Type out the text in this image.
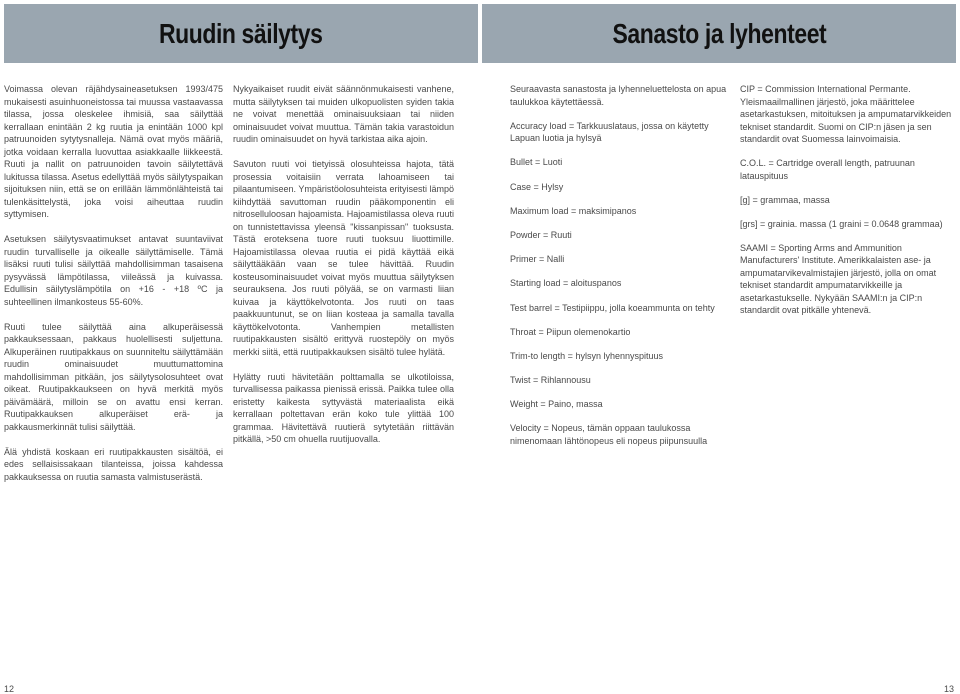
Ruudin säilytys

Voimassa olevan räjähdysaineasetuksen 1993/475 mukaisesti asuinhuoneistossa tai muussa vastaavassa tilassa, jossa oleskelee ihmisiä, saa säilyttää kerrallaan enintään 2 kg ruutia ja enintään 1000 kpl patruunoiden sytytysnalleja. Nämä ovat myös määriä, jotka voidaan kerralla luovuttaa asiakkaalle liikkeestä. Ruuti ja nallit on patruunoiden tavoin säilytettävä lukitussa tilassa. Asetus edellyttää myös säilytyspaikan sijoituksen niin, että se on erillään lämmönlähteistä tai tulenkäsittelystä, joka voisi aiheuttaa ruudin syttymisen.

Asetuksen säilytysvaatimukset antavat suuntaviivat ruudin turvalliselle ja oikealle säilyttämiselle. Tämä lisäksi ruuti tulisi säilyttää mahdollisimman tasaisena pysyvässä lämpötilassa, viileässä ja kuivassa. Edullisin säilytyslämpötila on +16 - +18 ºC ja suhteellinen ilmankosteus 55-60%.

Ruuti tulee säilyttää aina alkuperäisessä pakkauksessaan, pakkaus huolellisesti suljettuna. Alkuperäinen ruutipakkaus on suunniteltu säilyttämään ruudin ominaisuudet muuttumattomina mahdollisimman pitkään, jos säilytysolosuhteet ovat oikeat. Ruutipakkaukseen on hyvä merkitä myös päivämäärä, milloin se on avattu ensi kerran. Ruutipakkauksen alkuperäiset erä- ja pakkausmerkinnät tulisi säilyttää.

Älä yhdistä koskaan eri ruutipakkausten sisältöä, ei edes sellaisissakaan tilanteissa, joissa kahdessa pakkauksessa on ruutia samasta valmistuserästä.

Nykyaikaiset ruudit eivät säännönmukaisesti vanhene, mutta säilytyksen tai muiden ulkopuolisten syiden takia ne voivat menettää ominaisuuksiaan tai niiden ominaisuudet voivat muuttua. Tämän takia varastoidun ruudin ominaisuudet on hyvä tarkistaa aika ajoin.

Savuton ruuti voi tietyissä olosuhteissa hajota, tätä prosessia voitaisiin verrata lahoamiseen tai pilaantumiseen. Ympäristöolosuhteista erityisesti lämpö kiihdyttää savuttoman ruudin pääkomponentin eli nitroselluloosan hajoamista. Hajoamistilassa oleva ruuti on tunnistettavissa yleensä "kissanpissan" tuoksusta. Tästä eroteksena tuore ruuti tuoksuu liuottimille. Hajoamistilassa olevaa ruutia ei pidä käyttää eikä säilyttääkään vaan se tulee hävittää. Ruudin kosteusominaisuudet voivat myös muuttua säilytyksen seurauksena. Jos ruuti pölyää, se on varmasti liian kuivaa ja käyttökelvotonta. Jos ruuti on taas paakkuuntunut, se on liian kosteaa ja samalla tavalla käyttökelvotonta. Vanhempien metallisten ruutipakkausten sisältö erittyvä ruostepöly on myös merkki siitä, että ruutipakkauksen sisältö tulee hylätä.

Hylätty ruuti hävitetään polttamalla se ulkotiloissa, turvallisessa paikassa pienissä erissä. Paikka tulee olla eristetty kaikesta syttyvästä materiaalista eikä kerrallaan poltettavan erän koko tule ylittää 100 grammaa. Hävitettävä ruutierä sytytetään riittävän pitkällä, >50 cm ohuella ruutijuovalla.

12
Sanasto ja lyhenteet

Seuraavasta sanastosta ja lyhenneluettelosta on apua taulukkoa käytettäessä.

Accuracy load = Tarkkuuslataus, jossa on käytetty Lapuan luotia ja hylsyä

Bullet = Luoti

Case = Hylsy

Maximum load = maksimipanos

Powder = Ruuti

Primer = Nalli

Starting load = aloituspanos

Test barrel = Testipiippu, jolla koeammunta on tehty

Throat = Piipun olemenokartio

Trim-to length = hylsyn lyhennyspituus

Twist = Rihlannousu

Weight = Paino, massa

Velocity = Nopeus, tämän oppaan taulukossa nimenomaan lähtönopeus eli nopeus piipunsuulla

CIP = Commission International Permante. Yleismaailmallinen järjestö, joka määrittelee asetarkastuksen, mitoituksen ja ampumatarvikkeiden tekniset standardit. Suomi on CIP:n jäsen ja sen standardit ovat Suomessa lainvoimaisia.

C.O.L. = Cartridge overall length, patruunan latauspituus

[g] = grammaa, massa

[grs] = grainia. massa (1 graini = 0.0648 grammaa)

SAAMI = Sporting Arms and Ammunition Manufacturers' Institute. Amerikkalaisten ase- ja ampumatarvikevalmistajien järjestö, jolla on omat tekniset standardit ampumatarvikkeille ja asetarkastukselle. Nykyään SAAMI:n ja CIP:n standardit ovat pitkälle yhtenevä.

13
